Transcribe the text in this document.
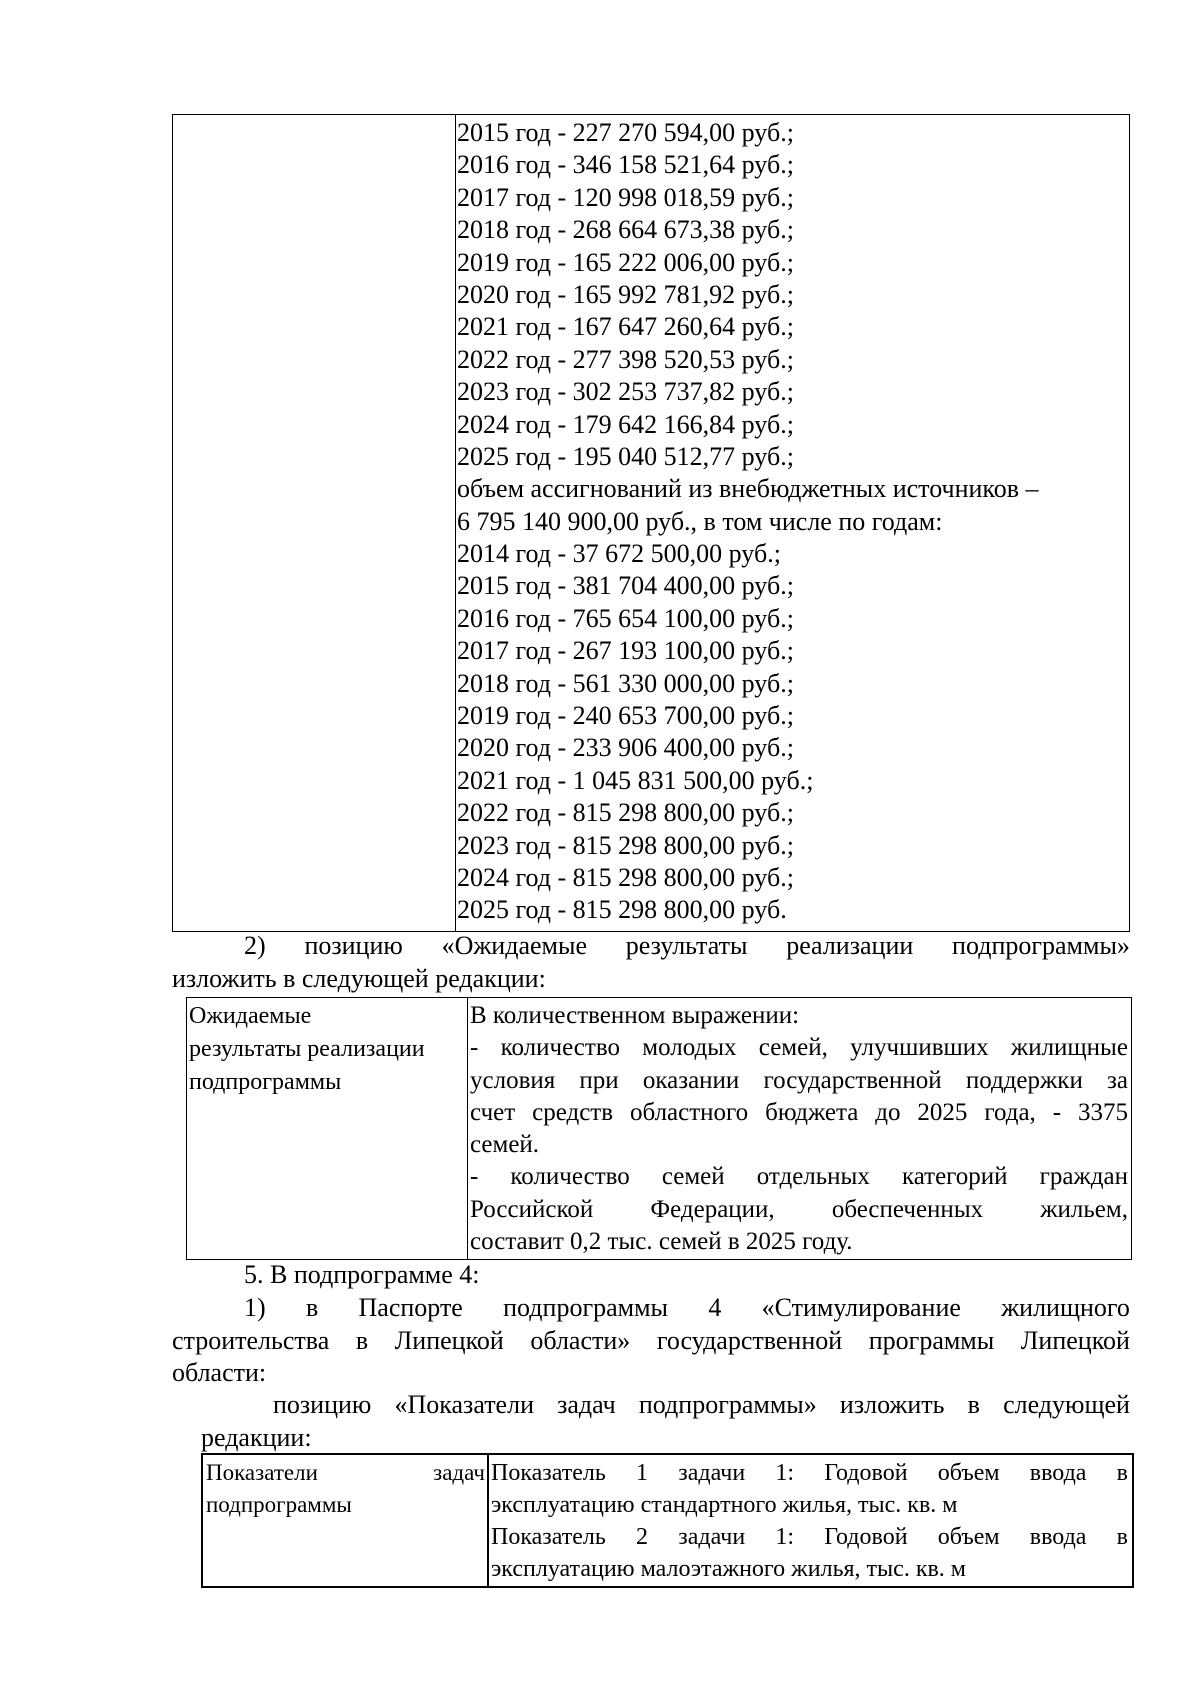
2015 год - 227 270 594,00 руб.;
2016 год - 346 158 521,64 руб.;
2017 год - 120 998 018,59 руб.;
2018 год - 268 664 673,38 руб.;
2019 год - 165 222 006,00 руб.;
2020 год - 165 992 781,92 руб.;
2021 год - 167 647 260,64 руб.;
2022 год - 277 398 520,53 руб.;
2023 год - 302 253 737,82 руб.;
2024 год - 179 642 166,84 руб.;
2025 год - 195 040 512,77 руб.;
объем ассигнований из внебюджетных источников –
6 795 140 900,00 руб., в том числе по годам:
2014 год - 37 672 500,00 руб.;
2015 год - 381 704 400,00 руб.;
2016 год - 765 654 100,00 руб.;
2017 год - 267 193 100,00 руб.;
2018 год - 561 330 000,00 руб.;
2019 год - 240 653 700,00 руб.;
2020 год - 233 906 400,00 руб.;
2021 год - 1 045 831 500,00 руб.;
2022 год - 815 298 800,00 руб.;
2023 год - 815 298 800,00 руб.;
2024 год - 815 298 800,00 руб.;
2025 год - 815 298 800,00 руб.
2) позицию «Ожидаемые результаты реализации подпрограммы»
изложить в следующей редакции:
Ожидаемые
результаты реализации
подпрограммы
В количественном выражении:
- количество молодых семей, улучшивших жилищные
условия при оказании государственной поддержки за
счет средств областного бюджета до 2025 года, - 3375
семей.
- количество семей отдельных категорий граждан
Российской Федерации, обеспеченных жильем,
составит 0,2 тыс. семей в 2025 году.
5. В подпрограмме 4:
1) в Паспорте подпрограммы 4 «Стимулирование жилищного
строительства в Липецкой области» государственной программы Липецкой
области:
позицию «Показатели задач подпрограммы» изложить в следующей
редакции:
Показатели	задач
подпрограммы
Показатель 1 задачи 1: Годовой объем ввода в
эксплуатацию стандартного жилья, тыс. кв. м
Показатель 2 задачи 1: Годовой объем ввода в
эксплуатацию малоэтажного жилья, тыс. кв. м
